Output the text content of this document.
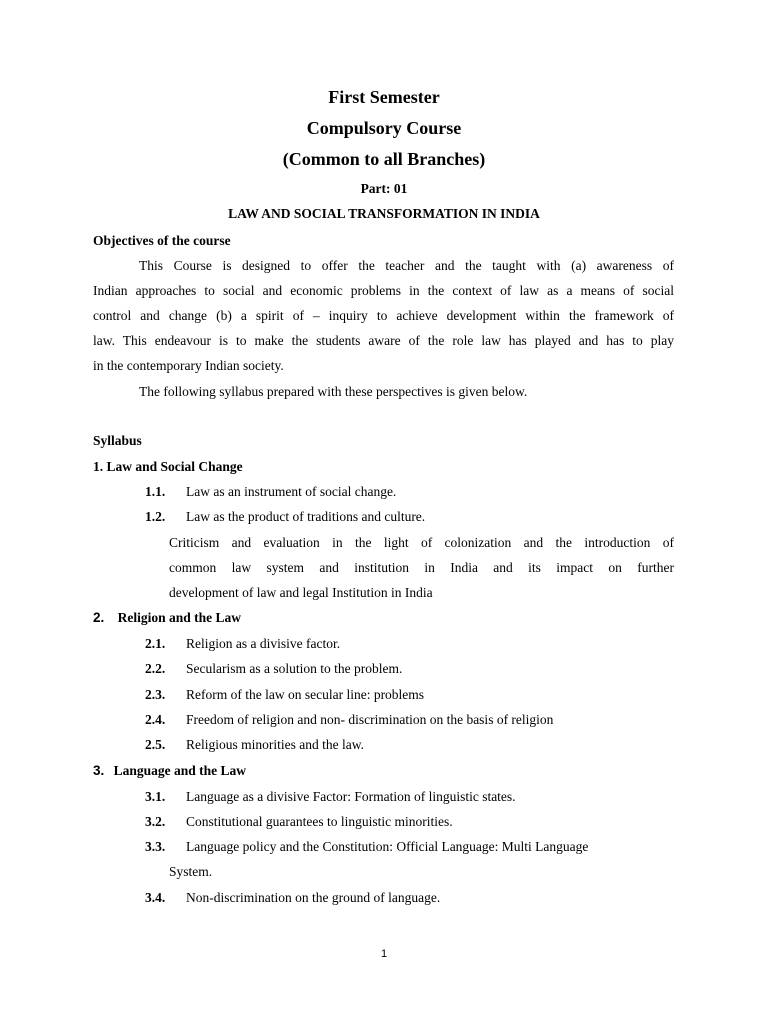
First Semester
Compulsory Course
(Common to all Branches)
Part: 01
LAW AND SOCIAL TRANSFORMATION IN INDIA
Objectives of the course
This Course is designed to offer the teacher and the taught with (a) awareness of
Indian approaches to social and economic problems in the context of law as a means of social
control and change (b) a spirit of – inquiry to achieve development within the framework of
law. This endeavour is to make the students aware of the role law has played and has to play
in the contemporary Indian society.
The following syllabus prepared with these perspectives is given below.
Syllabus
1. Law and Social Change
1.1. Law as an instrument of social change.
1.2. Law as the product of traditions and culture.
Criticism and evaluation in the light of colonization and the introduction of
common law system and institution in India and its impact on further
development of law and legal Institution in India
2. Religion and the Law
2.1. Religion as a divisive factor.
2.2. Secularism as a solution to the problem.
2.3. Reform of the law on secular line: problems
2.4. Freedom of religion and non- discrimination on the basis of religion
2.5. Religious minorities and the law.
3. Language and the Law
3.1. Language as a divisive Factor: Formation of linguistic states.
3.2. Constitutional guarantees to linguistic minorities.
3.3. Language policy and the Constitution: Official Language: Multi Language
System.
3.4. Non-discrimination on the ground of language.
1
